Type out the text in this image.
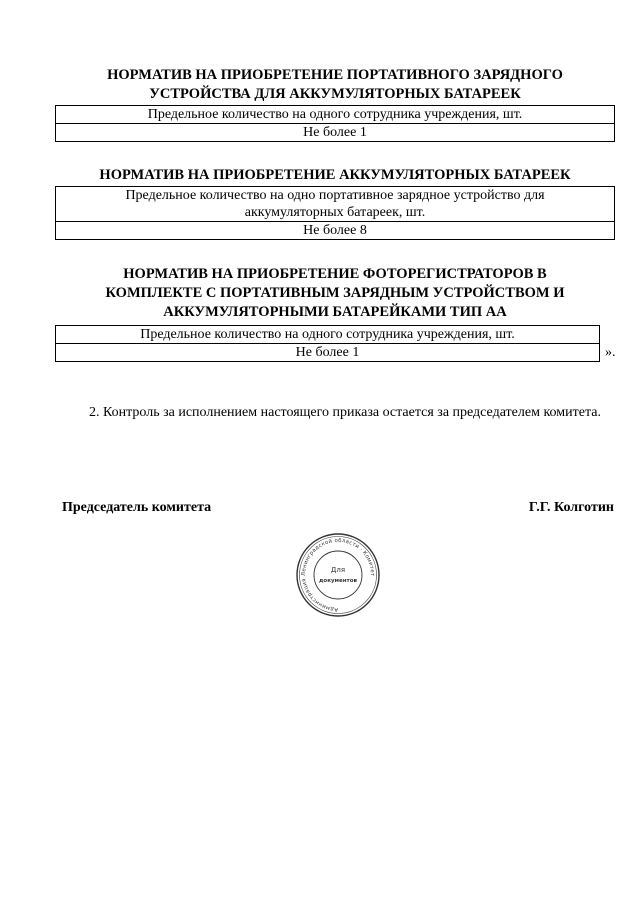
НОРМАТИВ НА ПРИОБРЕТЕНИЕ ПОРТАТИВНОГО ЗАРЯДНОГО
УСТРОЙСТВА ДЛЯ АККУМУЛЯТОРНЫХ БАТАРЕЕК
Предельное количество на одного сотрудника учреждения, шт.
Не более 1
НОРМАТИВ НА ПРИОБРЕТЕНИЕ АККУМУЛЯТОРНЫХ БАТАРЕЕК
Предельное количество на одно портативное зарядное устройство для
аккумуляторных батареек, шт.

Не более 8
НОРМАТИВ НА ПРИОБРЕТЕНИЕ ФОТОРЕГИСТРАТОРОВ В
КОМПЛЕКТЕ С ПОРТАТИВНЫМ ЗАРЯДНЫМ УСТРОЙСТВОМ И
АККУМУЛЯТОРНЫМИ БАТАРЕЙКАМИ ТИП АА
Предельное количество на одного сотрудника учреждения, шт.
Не более 1	».
2. Контроль за исполнением настоящего приказа остается за председателем комитета.
Председатель комитета	Г.Г. Колготин
Администрация Ленинградской области · Комитет
Для
документов
